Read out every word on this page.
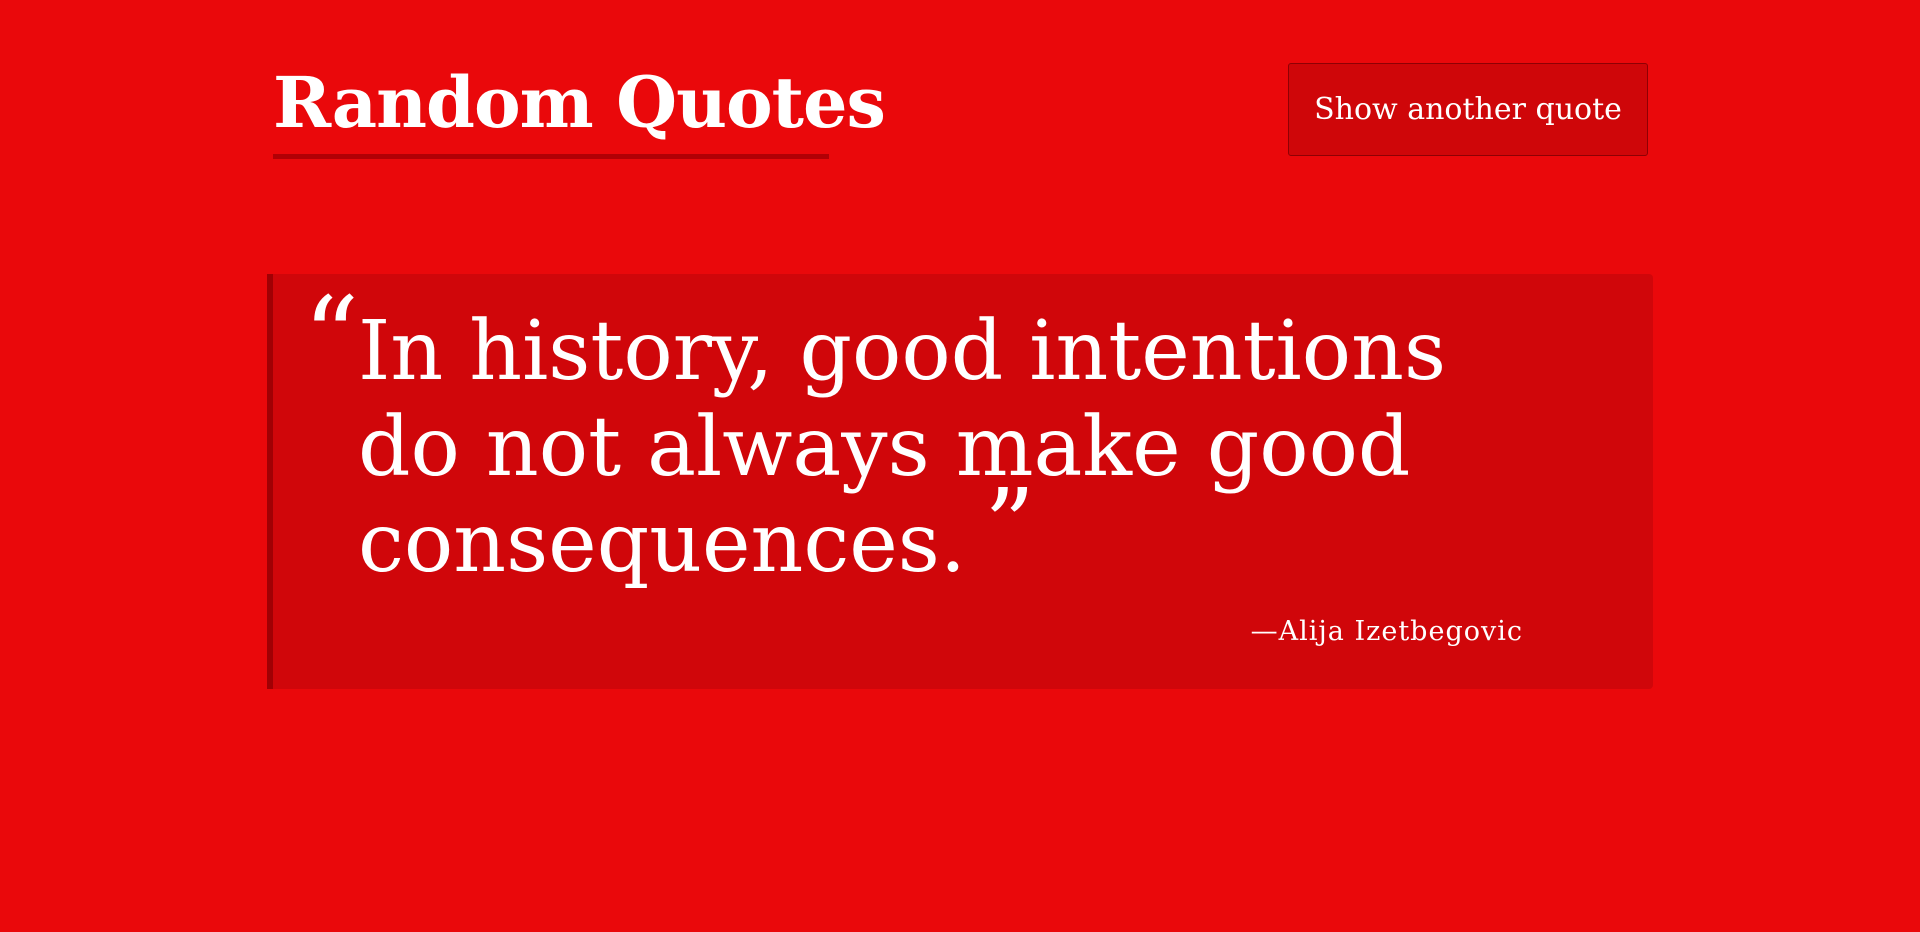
Random Quotes	Show another quote
“
In history, good intentions do not always make good consequences. ”
—Alija Izetbegovic
